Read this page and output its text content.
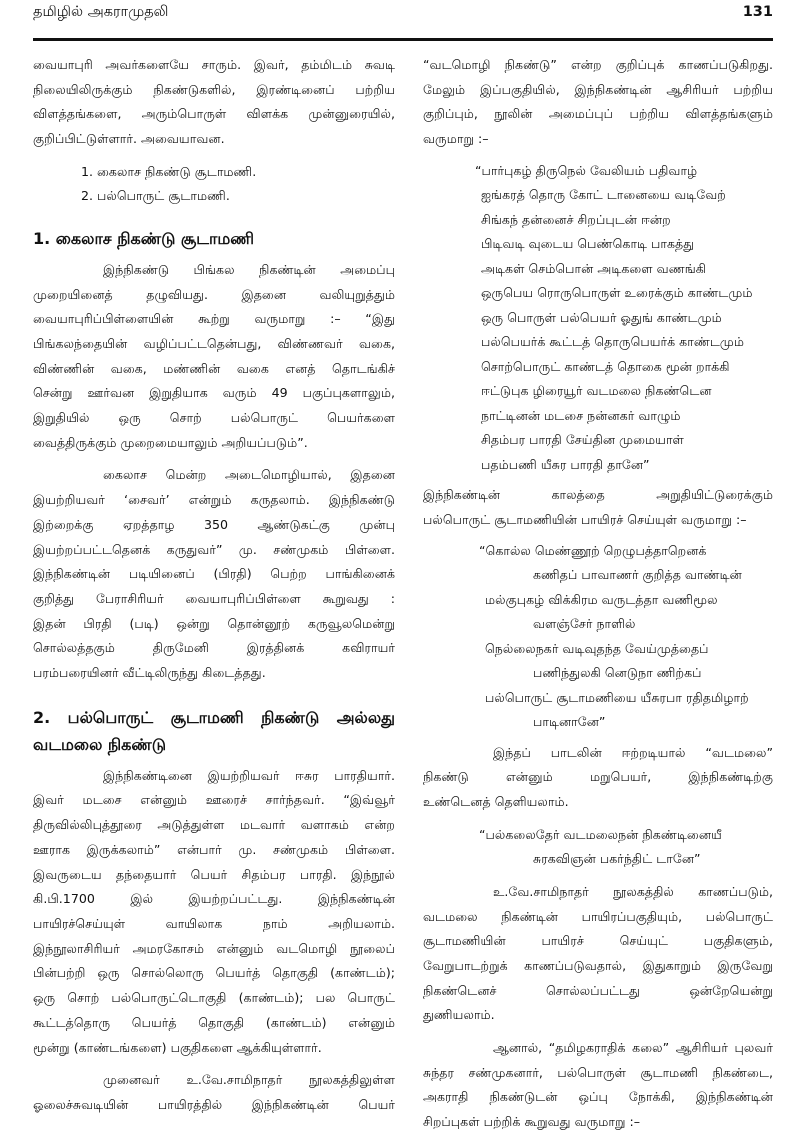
தமிழில் அகராமுதலி	131
வையாபுரி அவர்களையே சாரும். இவர், தம்மிடம் சுவடி
நிலையிலிருக்கும் நிகண்டுகளில், இரண்டினைப் பற்றிய
விளத்தங்களை, அரும்பொருள் விளக்க முன்னுரையில்,
குறிப்பிட்டுள்ளார். அவையாவன.
1. கைலாச நிகண்டு சூடாமணி.
2. பல்பொருட் சூடாமணி.
1. கைலாச நிகண்டு சூடாமணி
இந்நிகண்டு பிங்கல நிகண்டின் அமைப்பு
முறையினைத் தழுவியது. இதனை வலியுறுத்தும்
வையாபுரிப்பிள்ளையின் கூற்று வருமாறு :– “இது
பிங்கலந்தையின் வழிப்பட்டதென்பது, விண்ணவர் வகை,
விண்ணின் வகை, மண்ணின் வகை எனத் தொடங்கிச்
சென்று ஊர்வன இறுதியாக வரும் 49 பகுப்புகளாலும்,
இறுதியில் ஒரு சொற் பல்பொருட் பெயர்களை
வைத்திருக்கும் முறைமையாலும் அறியப்படும்”.
கைலாச மென்ற அடைமொழியால், இதனை
இயற்றியவர் ‘சைவர்’ என்றும் கருதலாம். இந்நிகண்டு
இற்றைக்கு ஏறத்தாழ 350 ஆண்டுகட்கு முன்பு
இயற்றப்பட்டதெனக் கருதுவர்” மு. சண்முகம் பிள்ளை.
இந்நிகண்டின் படியினைப் (பிரதி) பெற்ற பாங்கினைக்
குறித்து பேராசிரியர் வையாபுரிப்பிள்ளை கூறுவது :
இதன் பிரதி (படி) ஒன்று தொன்னூற் கருவூலமென்று
சொல்லத்தகும் திருமேனி இரத்தினக் கவிராயர்
பரம்பரையினர் வீட்டிலிருந்து கிடைத்தது.
2. பல்பொருட் சூடாமணி நிகண்டு அல்லது
வடமலை நிகண்டு
இந்நிகண்டினை இயற்றியவர் ஈசுர பாரதியார்.
இவர் மடசை என்னும் ஊரைச் சார்ந்தவர். “இவ்வூர்
திருவில்லிபுத்தூரை அடுத்துள்ள மடவார் வளாகம் என்ற
ஊராக இருக்கலாம்” என்பார் மு. சண்முகம் பிள்ளை.
இவருடைய தந்தையார் பெயர் சிதம்பர பாரதி. இந்நூல்
கி.பி.1700 இல் இயற்றப்பட்டது. இந்நிகண்டின்
பாயிரச்செய்யுள் வாயிலாக நாம் அறியலாம்.
இந்நூலாசிரியர் அமரகோசம் என்னும் வடமொழி நூலைப்
பின்பற்றி ஒரு சொல்லொரு பெயர்த் தொகுதி (காண்டம்);
ஒரு சொற் பல்பொருட்டொகுதி (காண்டம்); பல பொருட்
கூட்டத்தொரு பெயர்த் தொகுதி (காண்டம்) என்னும்
மூன்று (காண்டங்களை) பகுதிகளை ஆக்கியுள்ளார்.
முனைவர் உ.வே.சாமிநாதர் நூலகத்திலுள்ள
ஓலைச்சுவடியின் பாயிரத்தில் இந்நிகண்டின் பெயர்
“வடமொழி நிகண்டு” என்ற குறிப்புக் காணப்படுகிறது.
மேலும் இப்பகுதியில், இந்நிகண்டின் ஆசிரியர் பற்றிய
குறிப்பும், நூலின் அமைப்புப் பற்றிய விளத்தங்களும்
வருமாறு :–
“பார்புகழ் திருநெல் வேலியம் பதிவாழ்
ஐங்கரத் தொரு கோட் டானையை வடிவேற்
சிங்கந் தன்னைச் சிறப்புடன் ஈன்ற
பிடிவடி வுடைய பெண்கொடி பாகத்து
அடிகள் செம்பொன் அடிகளை வணங்கி
ஒருபெய ரொருபொருள் உரைக்கும் காண்டமும்
ஒரு பொருள் பல்பெயர் ஓதுங் காண்டமும்
பல்பெயர்க் கூட்டத் தொருபெயர்க் காண்டமும்
சொற்பொருட் காண்டத் தொகை மூன் றாக்கி
ஈட்டுபுக ழிரையூர் வடமலை நிகண்டென
நாட்டினன் மடசை நன்னகர் வாழும்
சிதம்பர பாரதி சேய்தின முமையாள்
பதம்பணி யீசுர பாரதி தானே”
இந்நிகண்டின் காலத்தை அறுதியிட்டுரைக்கும்
பல்பொருட் சூடாமணியின் பாயிரச் செய்யுள் வருமாறு :–
“கொல்ல மெண்ணூற் றெழுபத்தாறெனக்
கணிதப் பாவாணர் குறித்த வாண்டின்
மல்குபுகழ் விக்கிரம வருடத்தா வணிமூல
வளஞ்சேர் நாளில்
நெல்லைநகர் வடிவுதந்த வேய்முத்தைப்
பணிந்துலகி னெடுநா ணிற்கப்
பல்பொருட் சூடாமணியை யீசுரபா ரதிதமிழாற்
பாடினானே”
இந்தப் பாடலின் ஈற்றடியால் “வடமலை”
நிகண்டு என்னும் மறுபெயர், இந்நிகண்டிற்கு
உண்டெனத் தெளியலாம்.
“பல்கலைதேர் வடமலைநன் நிகண்டினையீ
சுரகவிஞன் பகர்ந்திட் டானே”
உ.வே.சாமிநாதர் நூலகத்தில் காணப்படும்,
வடமலை நிகண்டின் பாயிரப்பகுதியும், பல்பொருட்
சூடாமணியின் பாயிரச் செய்யுட் பகுதிகளும்,
வேறுபாடற்றுக் காணப்படுவதால், இதுகாறும் இருவேறு
நிகண்டெனச் சொல்லப்பட்டது ஒன்றேயென்று
துணியலாம்.
ஆனால், “தமிழகராதிக் கலை” ஆசிரியர் புலவர்
சுந்தர சண்முகனார், பல்பொருள் சூடாமணி நிகண்டை,
அகராதி நிகண்டுடன் ஒப்பு நோக்கி, இந்நிகண்டின்
சிறப்புகள் பற்றிக் கூறுவது வருமாறு :–
